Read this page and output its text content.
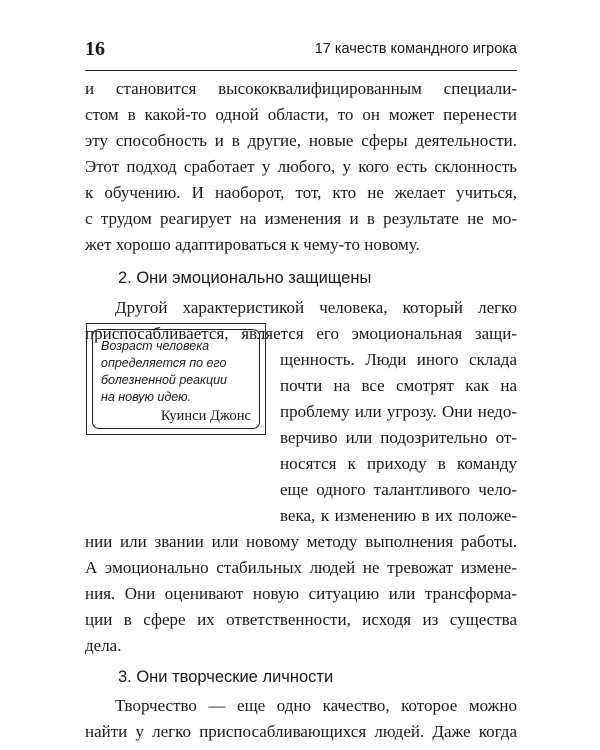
16	17 качеств командного игрока
и становится высококвалифицированным специали-
стом в какой-то одной области, то он может перенести
эту способность и в другие, новые сферы деятельности.
Этот подход сработает у любого, у кого есть склонность
к обучению. И наоборот, тот, кто не желает учиться,
с трудом реагирует на изменения и в результате не мо-
жет хорошо адаптироваться к чему-то новому.
2. Они эмоционально защищены
Другой характеристикой человека, который легко
приспосабливается, является его эмоциональная защи-
щенность. Люди иного склада
почти на все смотрят как на
проблему или угрозу. Они недо-
верчиво или подозрительно от-
носятся к приходу в команду
еще одного талантливого чело-
века, к изменению в их положе-
нии или звании или новому методу выполнения работы.
А эмоционально стабильных людей не тревожат измене-
ния. Они оценивают новую ситуацию или трансформа-
ции в сфере их ответственности, исходя из существа
дела.
Возраст человека
определяется по его
болезненной реакции
на новую идею.
Куинси Джонс
3. Они творческие личности
Творчество — еще одно качество, которое можно
найти у легко приспосабливающихся людей. Даже когда
